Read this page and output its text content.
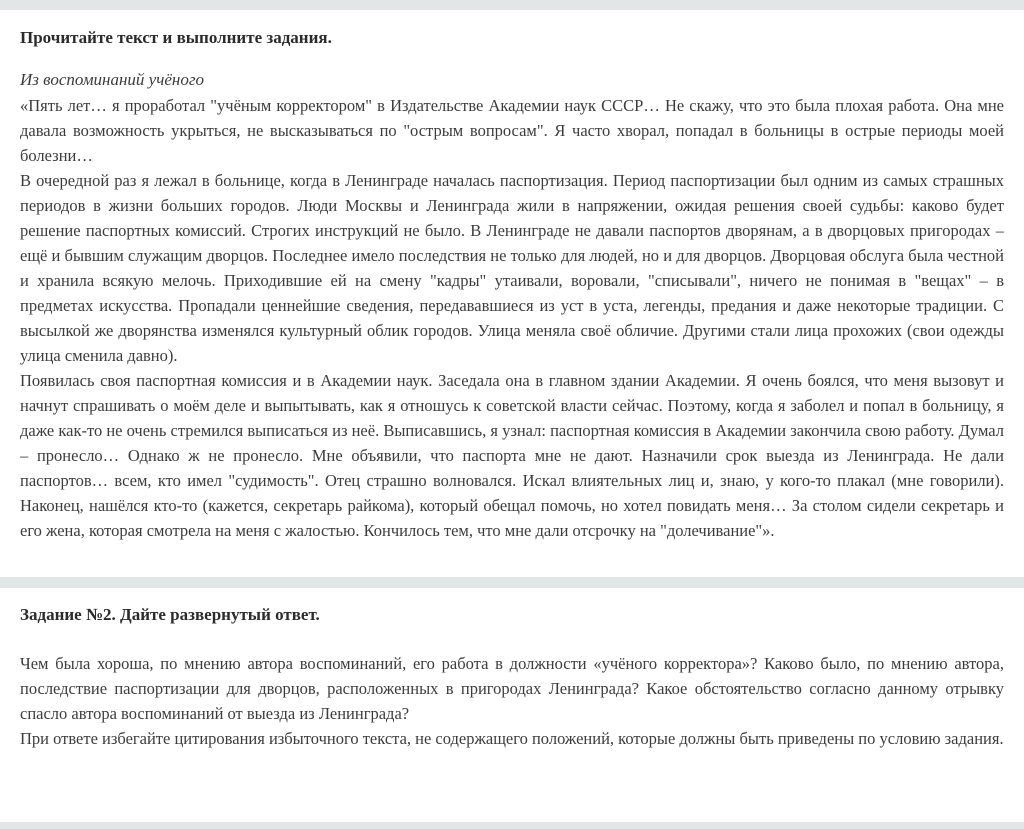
Прочитайте текст и выполните задания.
Из воспоминаний учёного

«Пять лет… я проработал "учёным корректором" в Издательстве Академии наук СССР… Не скажу, что это была плохая работа. Она мне давала возможность укрыться, не высказываться по "острым вопросам". Я часто хворал, попадал в больницы в острые периоды моей болезни…

В очередной раз я лежал в больнице, когда в Ленинграде началась паспортизация. Период паспортизации был одним из самых страшных периодов в жизни больших городов. Люди Москвы и Ленинграда жили в напряжении, ожидая решения своей судьбы: каково будет решение паспортных комиссий. Строгих инструкций не было. В Ленинграде не давали паспортов дворянам, а в дворцовых пригородах – ещё и бывшим служащим дворцов. Последнее имело последствия не только для людей, но и для дворцов. Дворцовая обслуга была честной и хранила всякую мелочь. Приходившие ей на смену "кадры" утаивали, воровали, "списывали", ничего не понимая в "вещах" – в предметах искусства. Пропадали ценнейшие сведения, передававшиеся из уст в уста, легенды, предания и даже некоторые традиции. С высылкой же дворянства изменялся культурный облик городов. Улица меняла своё обличие. Другими стали лица прохожих (свои одежды улица сменила давно).

Появилась своя паспортная комиссия и в Академии наук. Заседала она в главном здании Академии. Я очень боялся, что меня вызовут и начнут спрашивать о моём деле и выпытывать, как я отношусь к советской власти сейчас. Поэтому, когда я заболел и попал в больницу, я даже как-то не очень стремился выписаться из неё. Выписавшись, я узнал: паспортная комиссия в Академии закончила свою работу. Думал – пронесло… Однако ж не пронесло. Мне объявили, что паспорта мне не дают. Назначили срок выезда из Ленинграда. Не дали паспортов… всем, кто имел "судимость". Отец страшно волновался. Искал влиятельных лиц и, знаю, у кого-то плакал (мне говорили). Наконец, нашёлся кто-то (кажется, секретарь райкома), который обещал помочь, но хотел повидать меня… За столом сидели секретарь и его жена, которая смотрела на меня с жалостью. Кончилось тем, что мне дали отсрочку на "долечивание"».

Задание №2. Дайте развернутый ответ.

Чем была хороша, по мнению автора воспоминаний, его работа в должности «учёного корректора»? Каково было, по мнению автора, последствие паспортизации для дворцов, расположенных в пригородах Ленинграда? Какое обстоятельство согласно данному отрывку спасло автора воспоминаний от выезда из Ленинграда?

При ответе избегайте цитирования избыточного текста, не содержащего положений, которые должны быть приведены по условию задания.
